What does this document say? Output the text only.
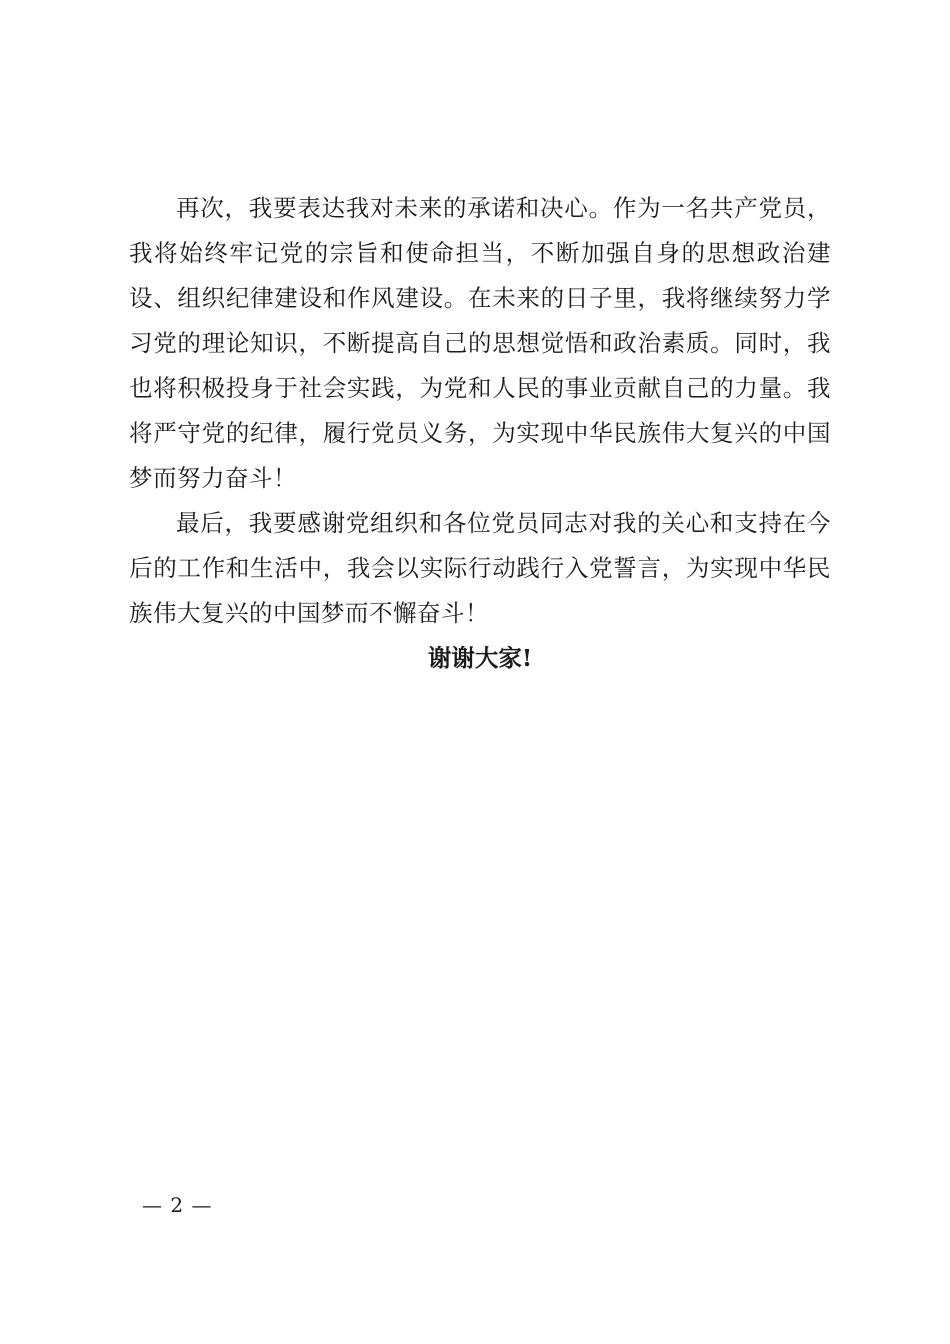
再次，我要表达我对未来的承诺和决心。作为一名共产党员，我将始终牢记党的宗旨和使命担当，不断加强自身的思想政治建设、组织纪律建设和作风建设。在未来的日子里，我将继续努力学习党的理论知识，不断提高自己的思想觉悟和政治素质。同时，我也将积极投身于社会实践，为党和人民的事业贡献自己的力量。我将严守党的纪律，履行党员义务，为实现中华民族伟大复兴的中国梦而努力奋斗！

最后，我要感谢党组织和各位党员同志对我的关心和支持在今后的工作和生活中，我会以实际行动践行入党誓言，为实现中华民族伟大复兴的中国梦而不懈奋斗！

谢谢大家!

— 2 —
